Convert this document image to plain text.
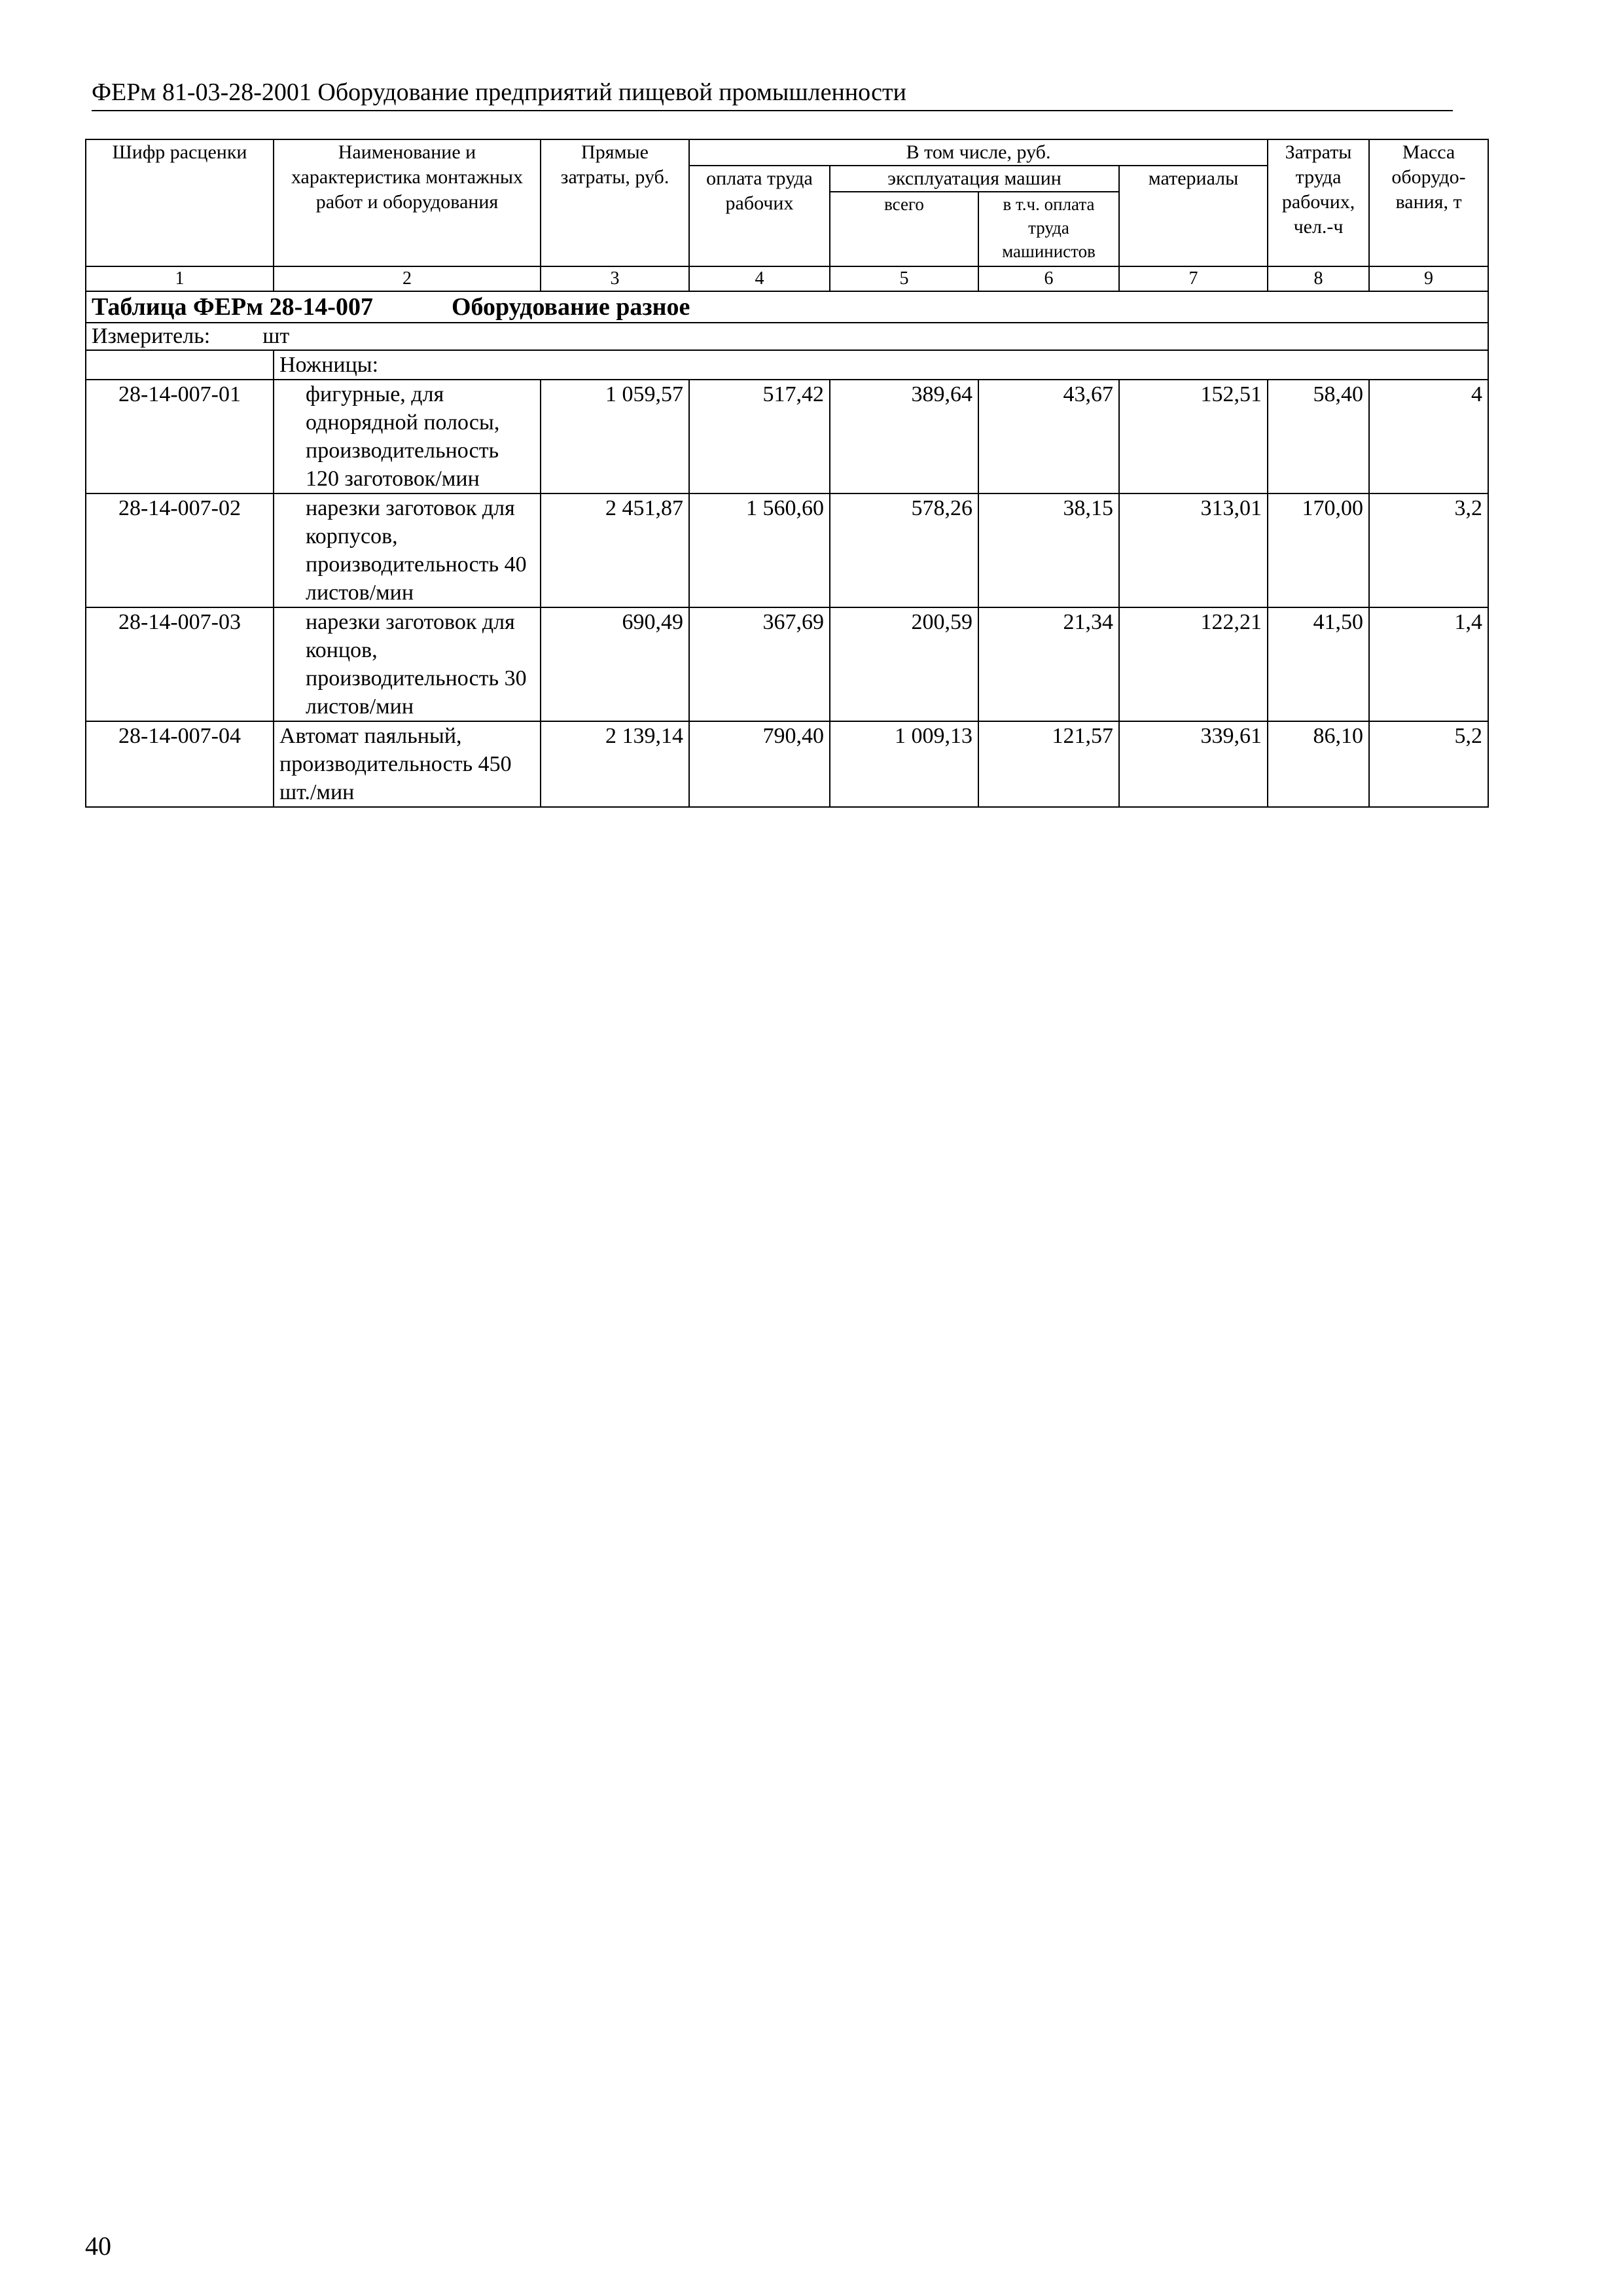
ФЕРм 81-03-28-2001 Оборудование предприятий пищевой промышленности
Шифр расценки	Наименование и характеристика монтажных работ и оборудования	Прямые затраты, руб.	В том числе, руб.				Затраты труда рабочих, чел.-ч	Масса оборудо-вания, т
			оплата труда рабочих	эксплуатация машин		материалы		
				всего	в т.ч. оплата труда машинистов			
1	2	3	4	5	6	7	8	9
Таблица ФЕРм 28-14-007 Оборудование разное								
Измеритель: шт								
	Ножницы:							
28-14-007-01	фигурные, для однорядной полосы, производительность 120 заготовок/мин	1 059,57	517,42	389,64	43,67	152,51	58,40	4
28-14-007-02	нарезки заготовок для корпусов, производительность 40 листов/мин	2 451,87	1 560,60	578,26	38,15	313,01	170,00	3,2
28-14-007-03	нарезки заготовок для концов, производительность 30 листов/мин	690,49	367,69	200,59	21,34	122,21	41,50	1,4
28-14-007-04	Автомат паяльный, производительность 450 шт./мин	2 139,14	790,40	1 009,13	121,57	339,61	86,10	5,2
40
